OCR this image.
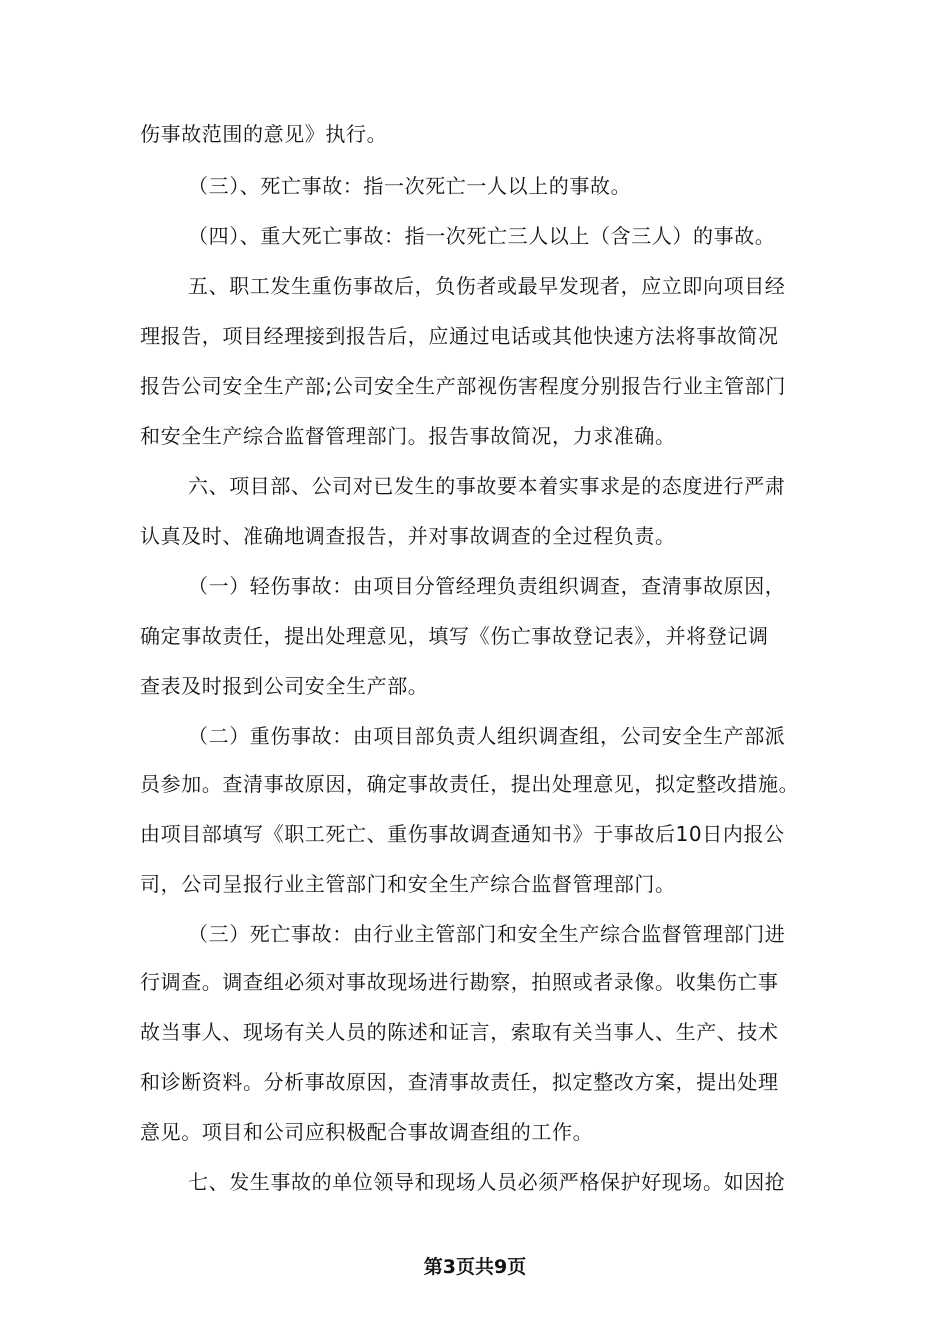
伤事故范围的意见》执行。
（三）、死亡事故：指一次死亡一人以上的事故。
（四）、重大死亡事故：指一次死亡三人以上（含三人）的事故。
五、职工发生重伤事故后，负伤者或最早发现者，应立即向项目经
理报告，项目经理接到报告后，应通过电话或其他快速方法将事故简况
报告公司安全生产部;公司安全生产部视伤害程度分别报告行业主管部门
和安全生产综合监督管理部门。报告事故简况，力求准确。
六、项目部、公司对已发生的事故要本着实事求是的态度进行严肃
认真及时、准确地调查报告，并对事故调查的全过程负责。
（一）轻伤事故：由项目分管经理负责组织调查，查清事故原因，
确定事故责任，提出处理意见，填写《伤亡事故登记表》，并将登记调
查表及时报到公司安全生产部。
（二）重伤事故：由项目部负责人组织调查组，公司安全生产部派
员参加。查清事故原因，确定事故责任，提出处理意见，拟定整改措施。
由项目部填写《职工死亡、重伤事故调查通知书》于事故后10日内报公
司，公司呈报行业主管部门和安全生产综合监督管理部门。
（三）死亡事故：由行业主管部门和安全生产综合监督管理部门进
行调查。调查组必须对事故现场进行勘察，拍照或者录像。收集伤亡事
故当事人、现场有关人员的陈述和证言，索取有关当事人、生产、技术
和诊断资料。分析事故原因，查清事故责任，拟定整改方案，提出处理
意见。项目和公司应积极配合事故调查组的工作。
七、发生事故的单位领导和现场人员必须严格保护好现场。如因抢
第3页共9页
